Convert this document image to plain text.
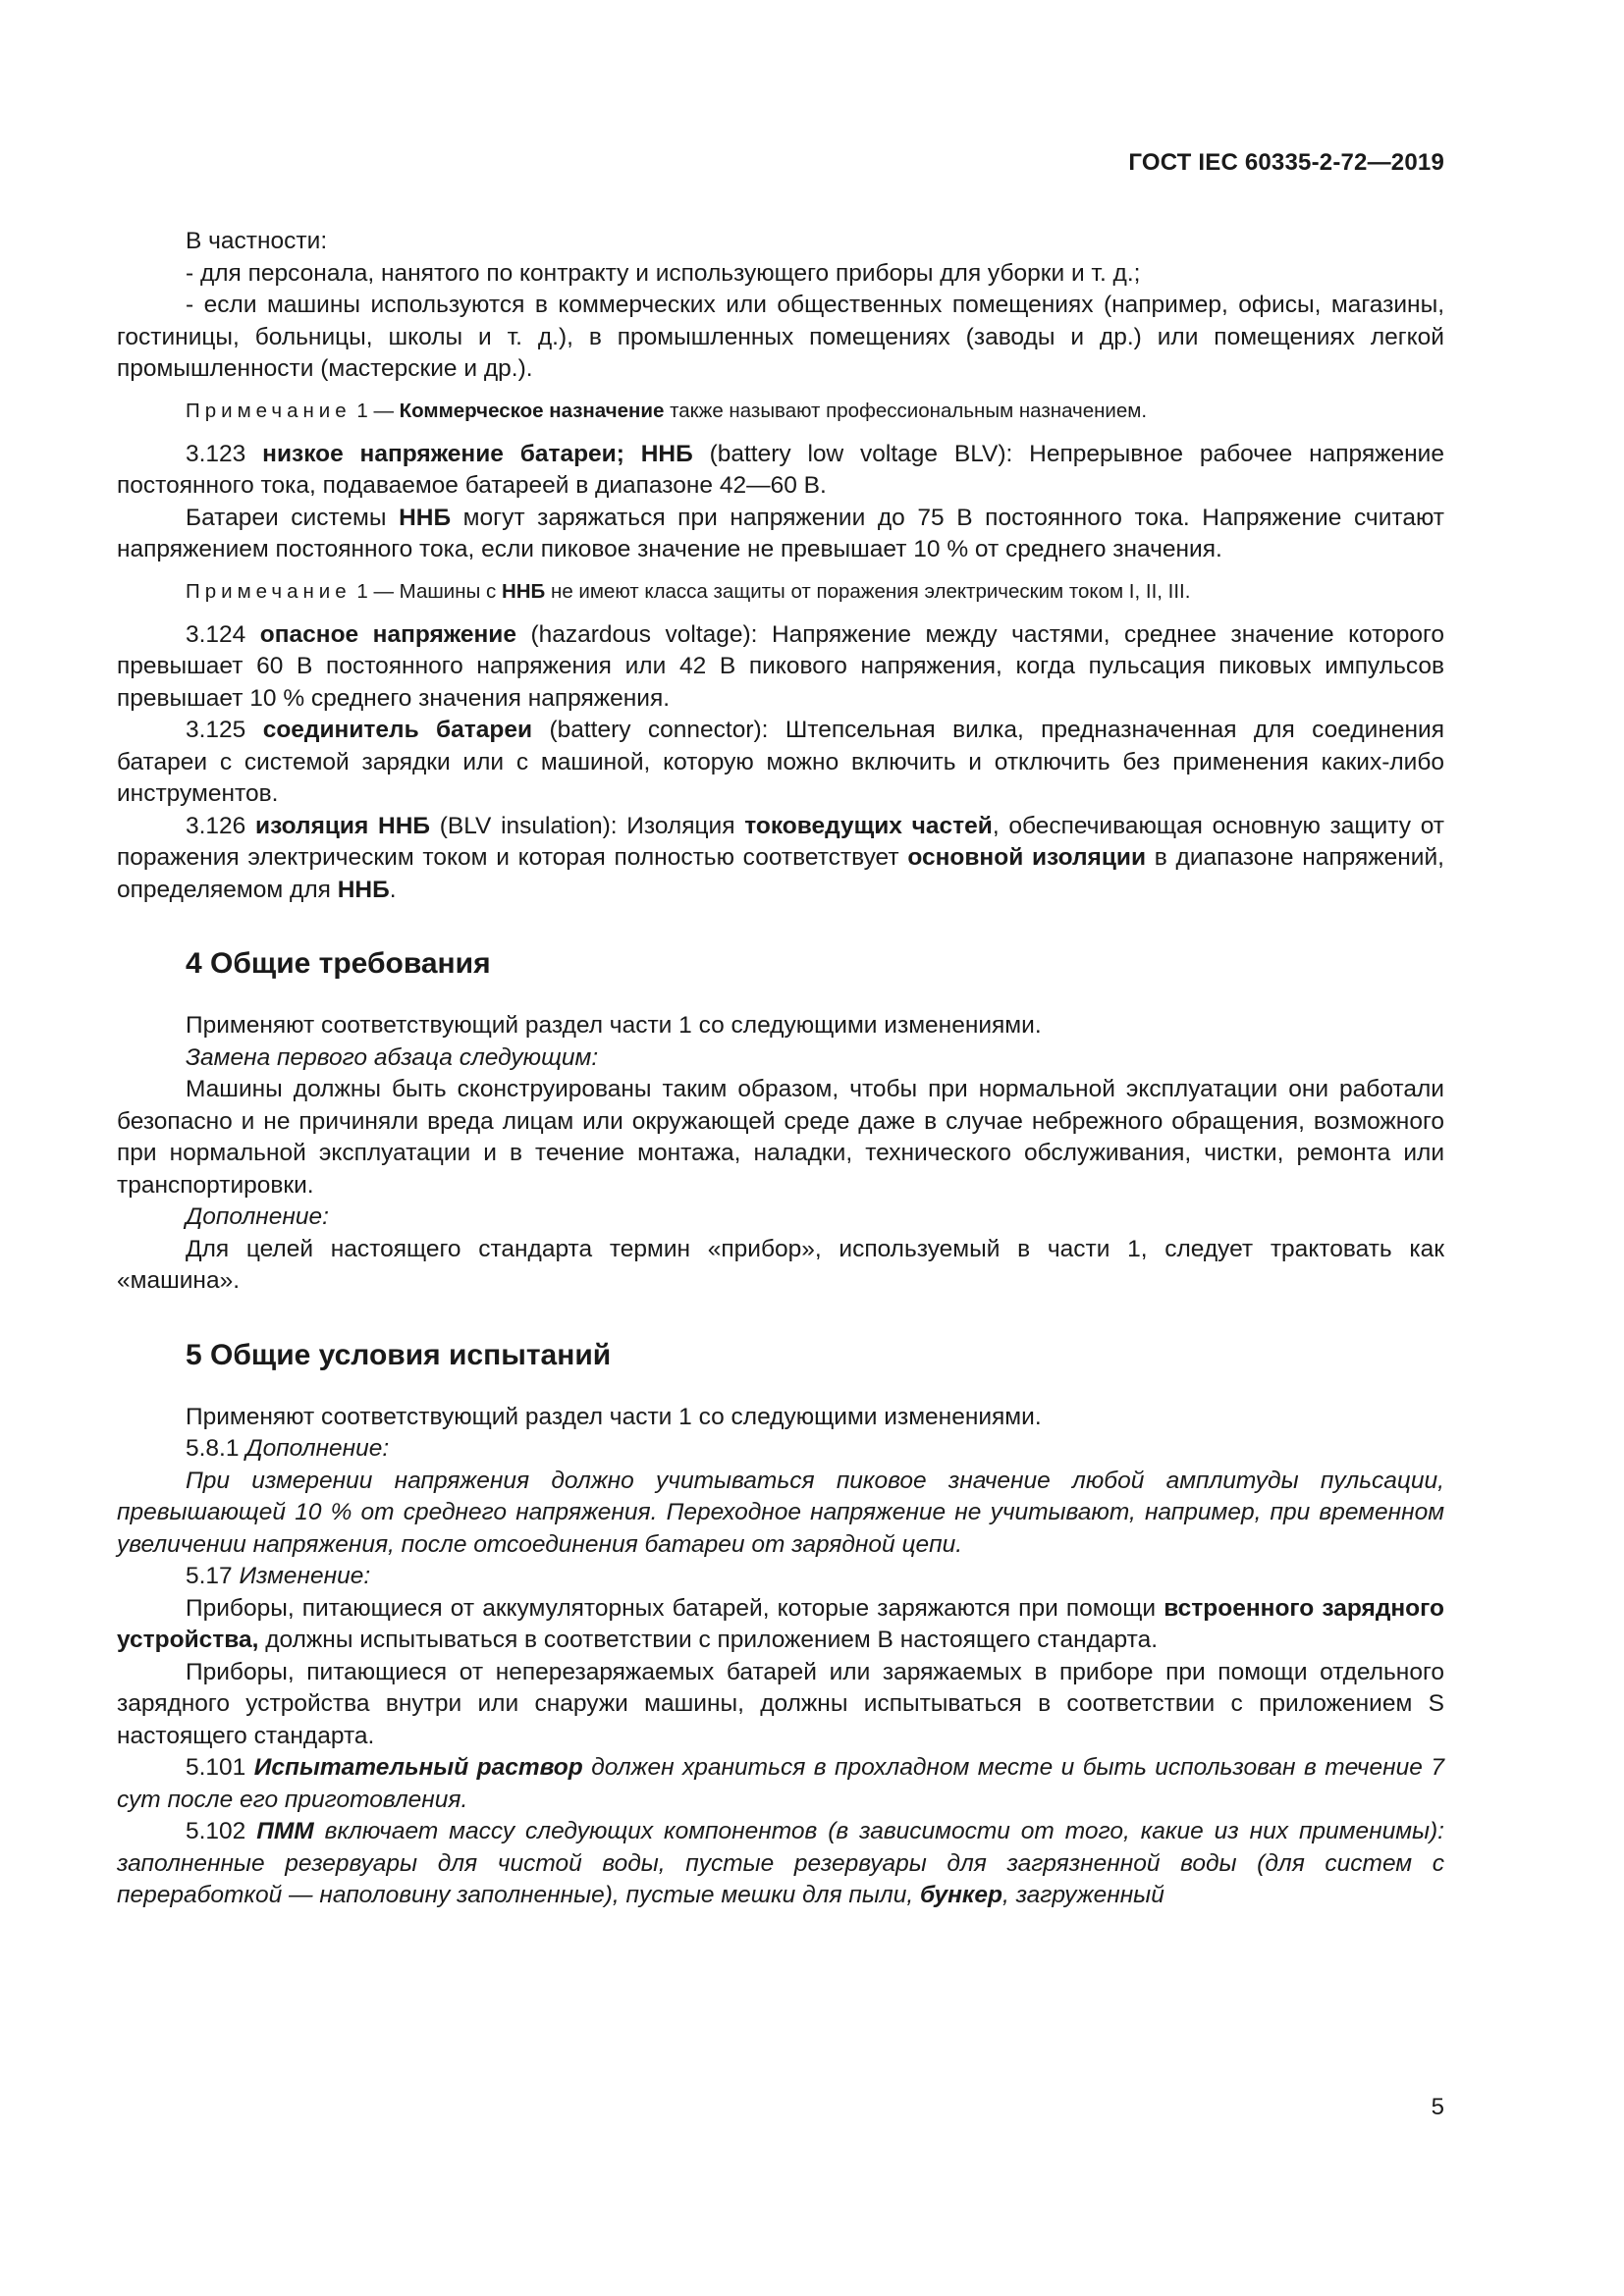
ГОСТ IEC 60335-2-72—2019

В частности:

- для персонала, нанятого по контракту и использующего приборы для уборки и т. д.;

- если машины используются в коммерческих или общественных помещениях (например, офисы, магазины, гостиницы, больницы, школы и т. д.), в промышленных помещениях (заводы и др.) или помещениях легкой промышленности (мастерские и др.).

Примечание 1 — Коммерческое назначение также называют профессиональным назначением.

3.123 низкое напряжение батареи; ННБ (battery low voltage BLV): Непрерывное рабочее напряжение постоянного тока, подаваемое батареей в диапазоне 42—60 В.

Батареи системы ННБ могут заряжаться при напряжении до 75 В постоянного тока. Напряжение считают напряжением постоянного тока, если пиковое значение не превышает 10 % от среднего значения.

Примечание 1 — Машины с ННБ не имеют класса защиты от поражения электрическим током I, II, III.

3.124 опасное напряжение (hazardous voltage): Напряжение между частями, среднее значение которого превышает 60 В постоянного напряжения или 42 В пикового напряжения, когда пульсация пиковых импульсов превышает 10 % среднего значения напряжения.

3.125 соединитель батареи (battery connector): Штепсельная вилка, предназначенная для соединения батареи с системой зарядки или с машиной, которую можно включить и отключить без применения каких-либо инструментов.

3.126 изоляция ННБ (BLV insulation): Изоляция токоведущих частей, обеспечивающая основную защиту от поражения электрическим током и которая полностью соответствует основной изоляции в диапазоне напряжений, определяемом для ННБ.

4 Общие требования

Применяют соответствующий раздел части 1 со следующими изменениями.

Замена первого абзаца следующим:

Машины должны быть сконструированы таким образом, чтобы при нормальной эксплуатации они работали безопасно и не причиняли вреда лицам или окружающей среде даже в случае небрежного обращения, возможного при нормальной эксплуатации и в течение монтажа, наладки, технического обслуживания, чистки, ремонта или транспортировки.

Дополнение:

Для целей настоящего стандарта термин «прибор», используемый в части 1, следует трактовать как «машина».

5 Общие условия испытаний

Применяют соответствующий раздел части 1 со следующими изменениями.

5.8.1 Дополнение:

При измерении напряжения должно учитываться пиковое значение любой амплитуды пульсации, превышающей 10 % от среднего напряжения. Переходное напряжение не учитывают, например, при временном увеличении напряжения, после отсоединения батареи от зарядной цепи.

5.17 Изменение:

Приборы, питающиеся от аккумуляторных батарей, которые заряжаются при помощи встроенного зарядного устройства, должны испытываться в соответствии с приложением В настоящего стандарта.

Приборы, питающиеся от неперезаряжаемых батарей или заряжаемых в приборе при помощи отдельного зарядного устройства внутри или снаружи машины, должны испытываться в соответствии с приложением S настоящего стандарта.

5.101 Испытательный раствор должен храниться в прохладном месте и быть использован в течение 7 сут после его приготовления.

5.102 ПММ включает массу следующих компонентов (в зависимости от того, какие из них применимы): заполненные резервуары для чистой воды, пустые резервуары для загрязненной воды (для систем с переработкой — наполовину заполненные), пустые мешки для пыли, бункер, загруженный

5
